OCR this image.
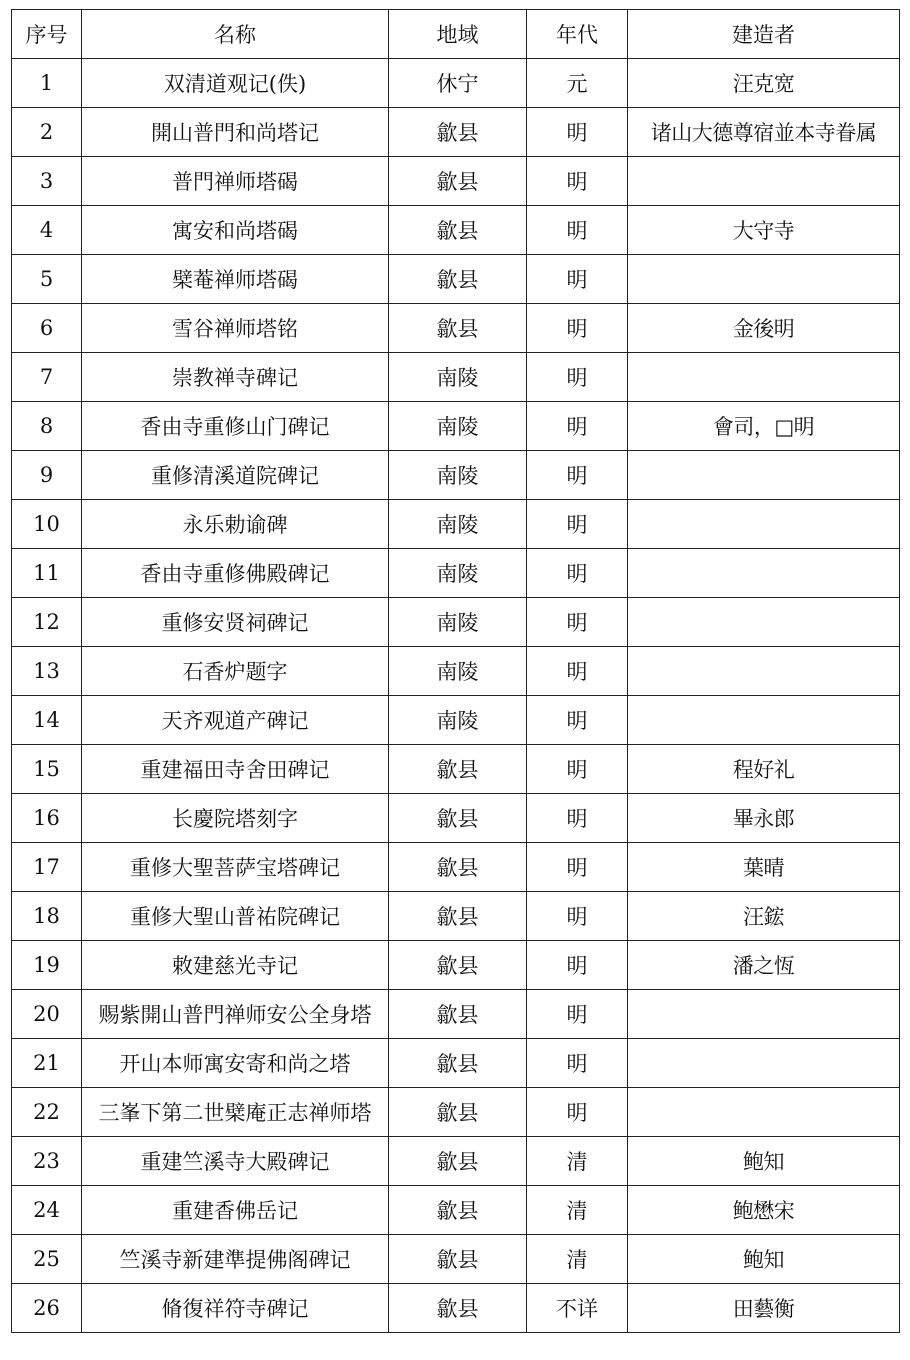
序号	名称	地域	年代	建造者
1	双清道观记(佚)	休宁	元	汪克宽
2	開山普門和尚塔记	歙县	明	诸山大德尊宿並本寺眷属
3	普門禅师塔碣	歙县	明	
4	寓安和尚塔碣	歙县	明	大守寺
5	檗菴禅师塔碣	歙县	明	
6	雪谷禅师塔铭	歙县	明	金後明
7	崇教禅寺碑记	南陵	明	
8	香由寺重修山门碑记	南陵	明	會司，□明
9	重修清溪道院碑记	南陵	明	
10	永乐勅谕碑	南陵	明	
11	香由寺重修佛殿碑记	南陵	明	
12	重修安贤祠碑记	南陵	明	
13	石香炉题字	南陵	明	
14	天齐观道产碑记	南陵	明	
15	重建福田寺舍田碑记	歙县	明	程好礼
16	长慶院塔刻字	歙县	明	畢永郎
17	重修大聖菩萨宝塔碑记	歙县	明	葉晴
18	重修大聖山普祐院碑记	歙县	明	汪鋐
19	敕建慈光寺记	歙县	明	潘之恆
20	赐紫開山普門禅师安公全身塔	歙县	明	
21	开山本师寓安寄和尚之塔	歙县	明	
22	三峯下第二世檗庵正志禅师塔	歙县	明	
23	重建竺溪寺大殿碑记	歙县	清	鲍知
24	重建香佛岳记	歙县	清	鲍懋宋
25	竺溪寺新建準提佛阁碑记	歙县	清	鲍知
26	脩復祥符寺碑记	歙县	不详	田藝衡
